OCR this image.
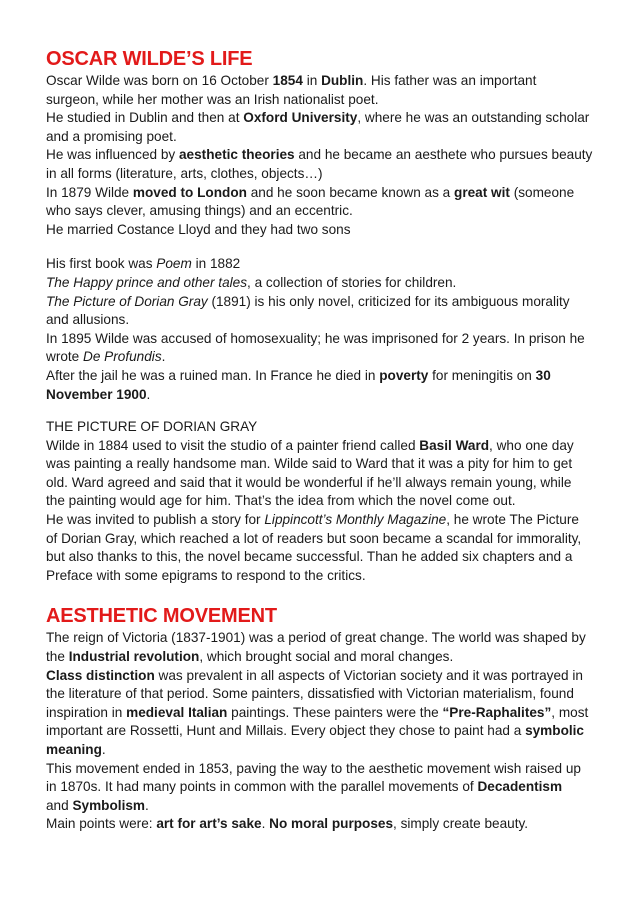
OSCAR WILDE’S LIFE
Oscar Wilde was born on 16 October 1854 in Dublin. His father was an important
surgeon, while her mother was an Irish nationalist poet.
He studied in Dublin and then at Oxford University, where he was an outstanding scholar
and a promising poet.
He was influenced by aesthetic theories and he became an aesthete who pursues beauty
in all forms (literature, arts, clothes, objects…)
In 1879 Wilde moved to London and he soon became known as a great wit (someone
who says clever, amusing things) and an eccentric.
He married Costance Lloyd and they had two sons
His first book was Poem in 1882
The Happy prince and other tales, a collection of stories for children.
The Picture of Dorian Gray (1891) is his only novel, criticized for its ambiguous morality
and allusions.
In 1895 Wilde was accused of homosexuality; he was imprisoned for 2 years. In prison he
wrote De Profundis.
After the jail he was a ruined man. In France he died in poverty for meningitis on 30
November 1900.
THE PICTURE OF DORIAN GRAY
Wilde in 1884 used to visit the studio of a painter friend called Basil Ward, who one day
was painting a really handsome man. Wilde said to Ward that it was a pity for him to get
old. Ward agreed and said that it would be wonderful if he’ll always remain young, while
the painting would age for him. That’s the idea from which the novel come out.
He was invited to publish a story for Lippincott’s Monthly Magazine, he wrote The Picture
of Dorian Gray, which reached a lot of readers but soon became a scandal for immorality,
but also thanks to this, the novel became successful. Than he added six chapters and a
Preface with some epigrams to respond to the critics.
AESTHETIC MOVEMENT
The reign of Victoria (1837-1901) was a period of great change. The world was shaped by
the Industrial revolution, which brought social and moral changes.
Class distinction was prevalent in all aspects of Victorian society and it was portrayed in
the literature of that period. Some painters, dissatisfied with Victorian materialism, found
inspiration in medieval Italian paintings. These painters were the “Pre-Raphalites”, most
important are Rossetti, Hunt and Millais. Every object they chose to paint had a symbolic
meaning.
This movement ended in 1853, paving the way to the aesthetic movement wish raised up
in 1870s. It had many points in common with the parallel movements of Decadentism
and Symbolism.
Main points were: art for art’s sake. No moral purposes, simply create beauty.
